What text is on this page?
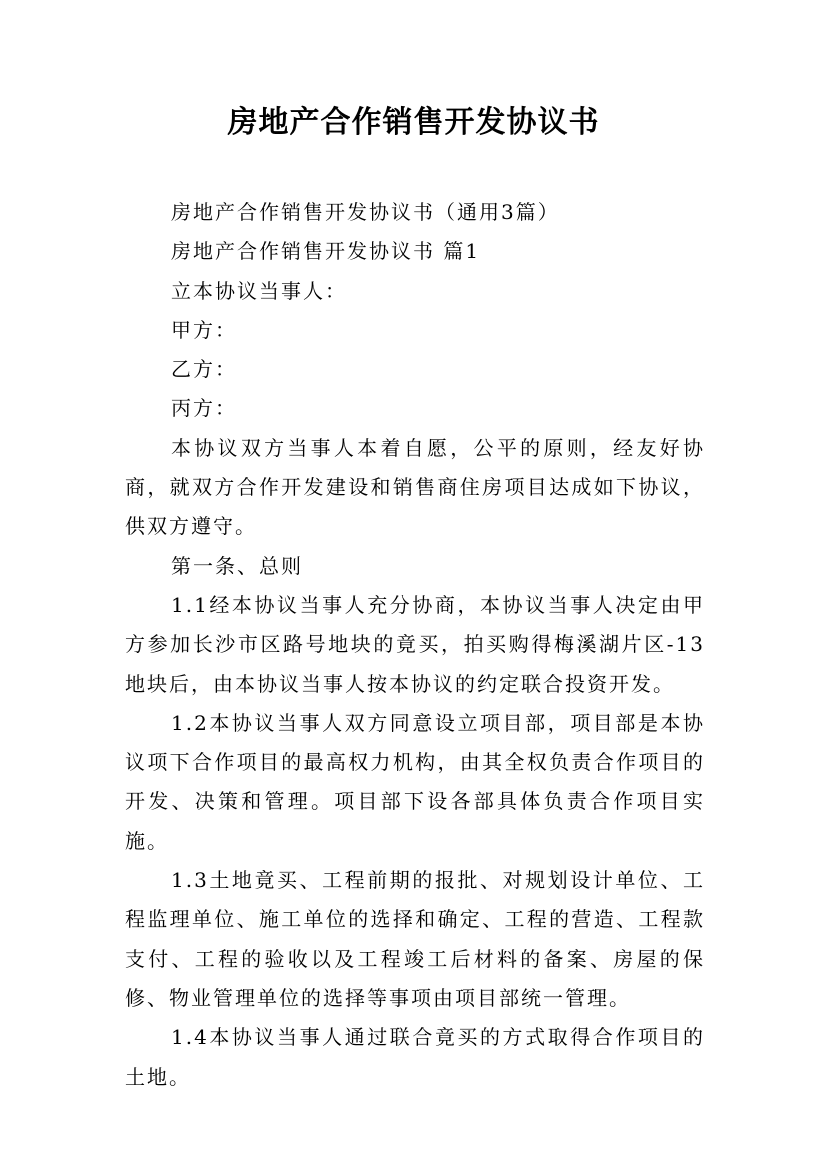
房地产合作销售开发协议书

房地产合作销售开发协议书（通用3篇）

房地产合作销售开发协议书 篇1

立本协议当事人：

甲方：

乙方：

丙方：

本协议双方当事人本着自愿，公平的原则，经友好协商，就双方合作开发建设和销售商住房项目达成如下协议，供双方遵守。

第一条、总则

1.1经本协议当事人充分协商，本协议当事人决定由甲方参加长沙市区路号地块的竟买，拍买购得梅溪湖片区-13地块后，由本协议当事人按本协议的约定联合投资开发。

1.2本协议当事人双方同意设立项目部，项目部是本协议项下合作项目的最高权力机构，由其全权负责合作项目的开发、决策和管理。项目部下设各部具体负责合作项目实施。

1.3土地竟买、工程前期的报批、对规划设计单位、工程监理单位、施工单位的选择和确定、工程的营造、工程款支付、工程的验收以及工程竣工后材料的备案、房屋的保修、物业管理单位的选择等事项由项目部统一管理。

1.4本协议当事人通过联合竟买的方式取得合作项目的土地。
